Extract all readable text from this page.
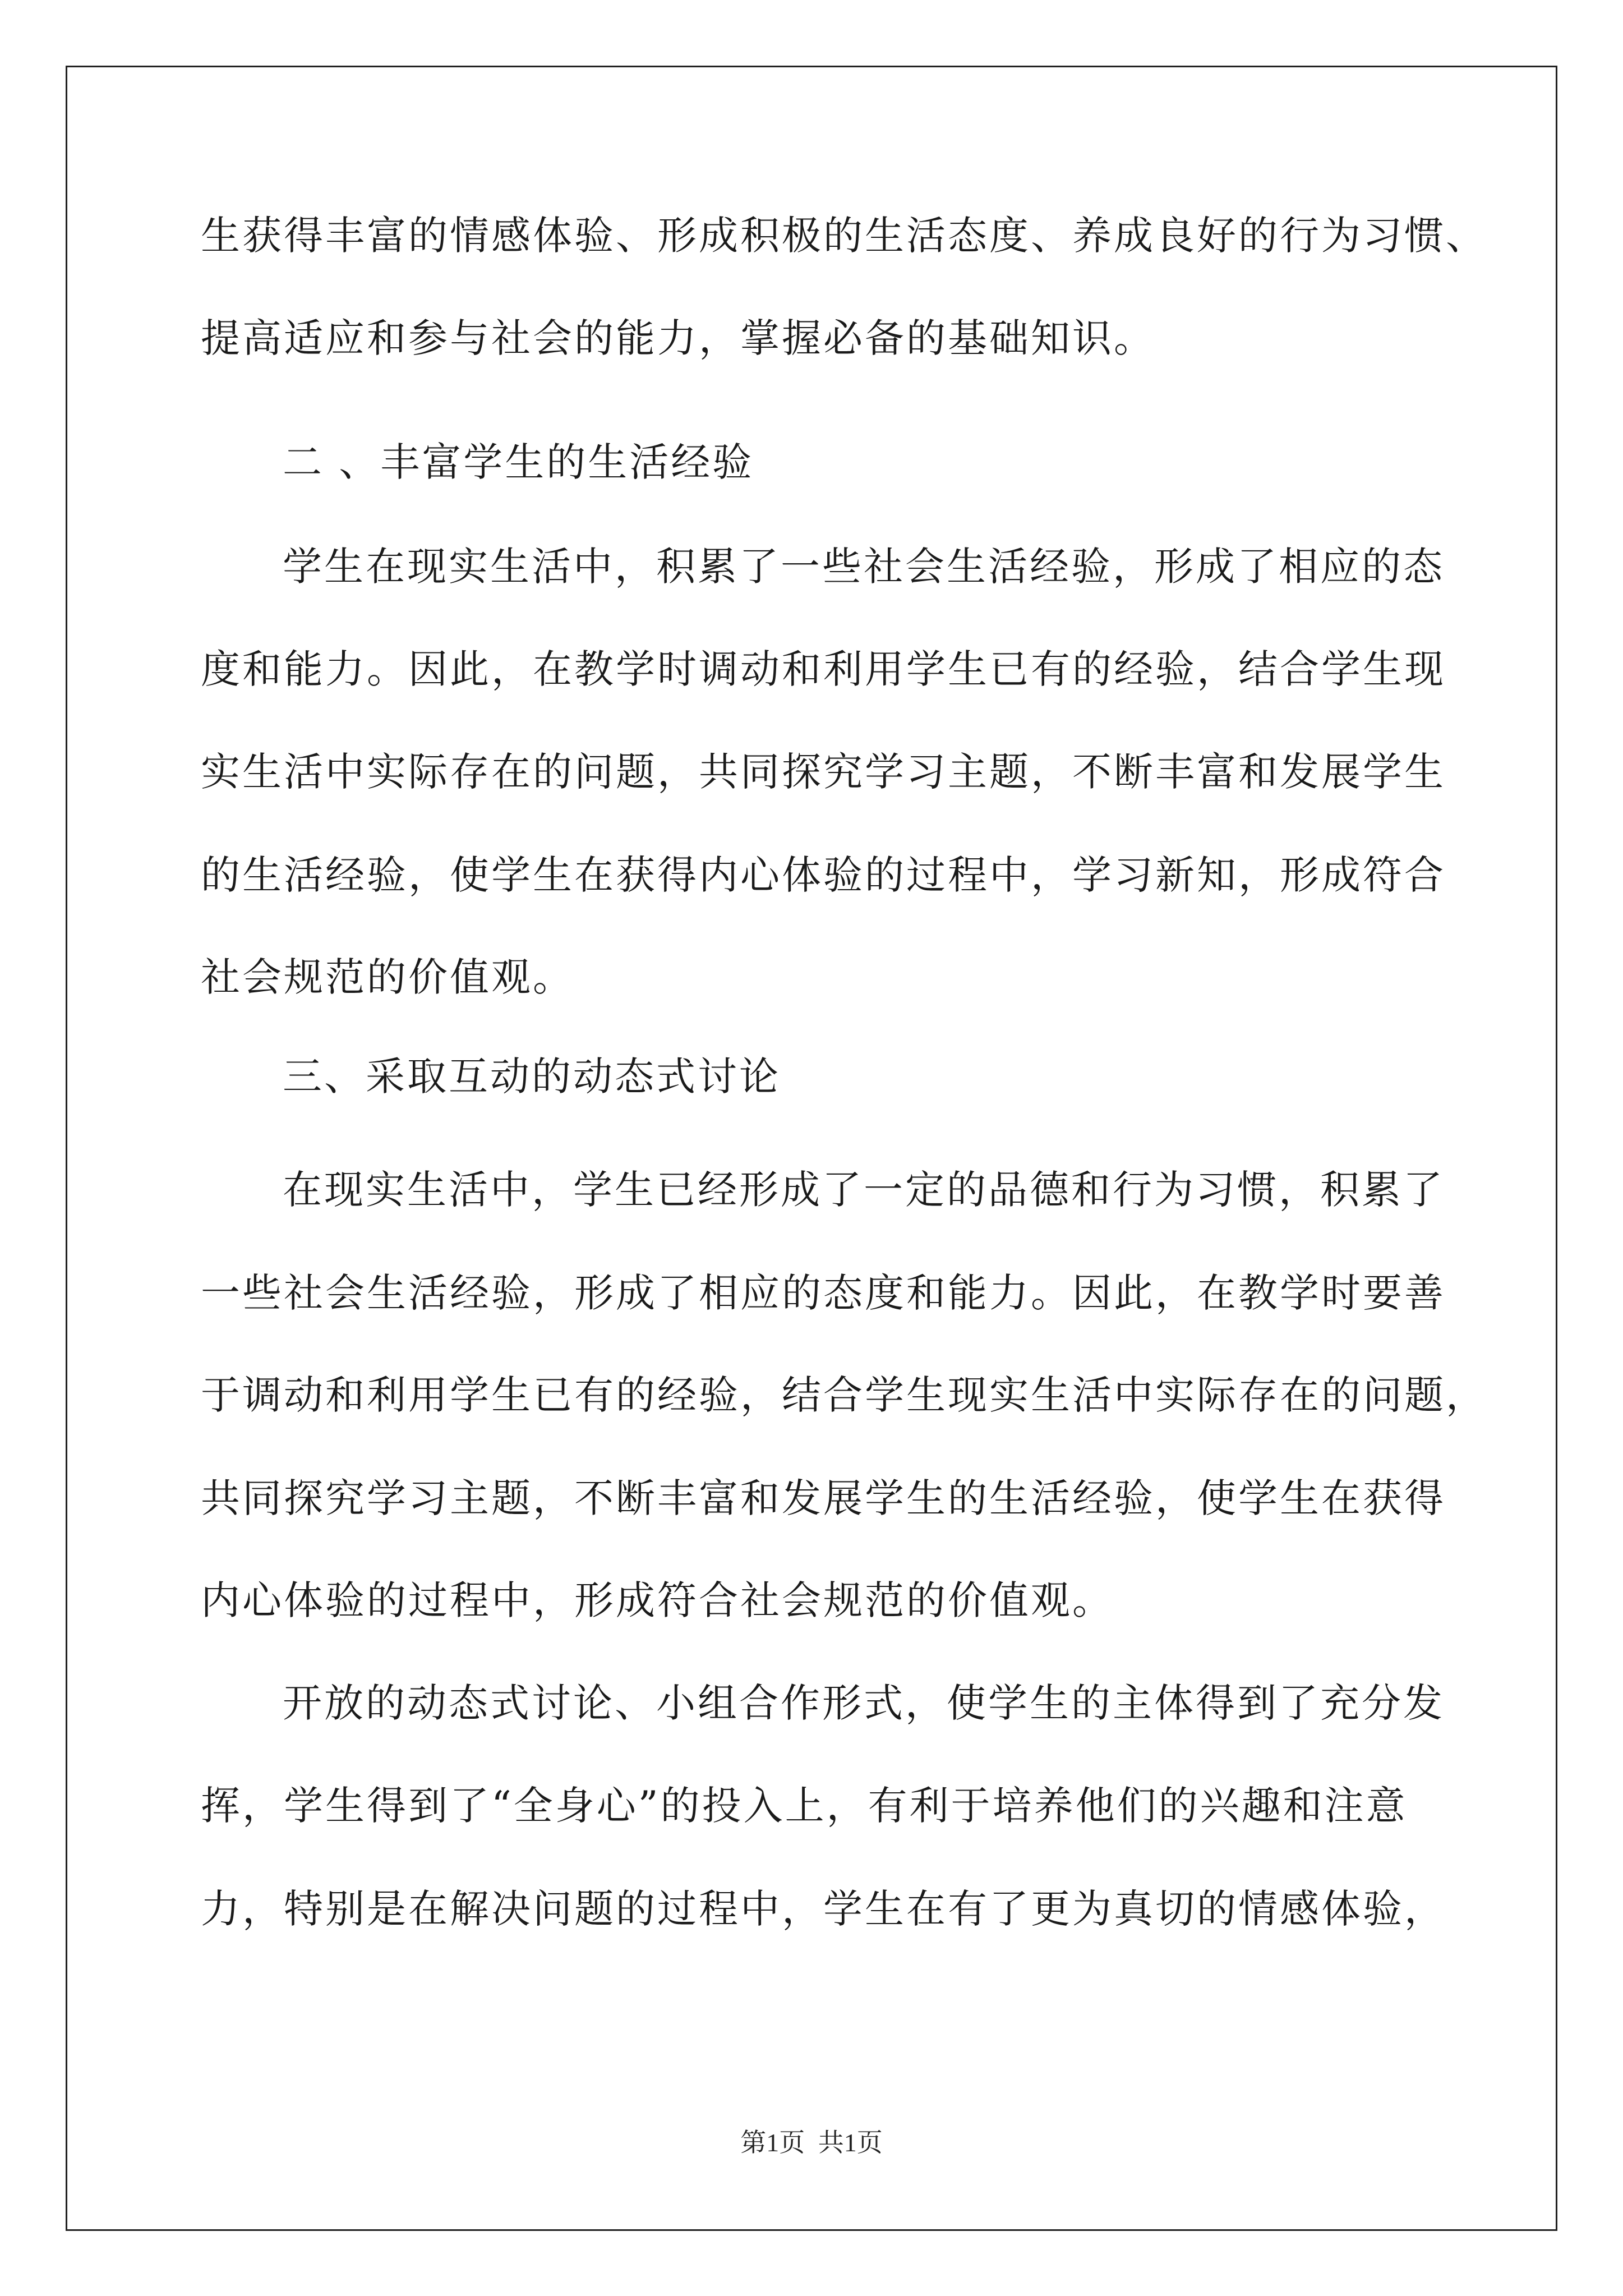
生获得丰富的情感体验、形成积极的生活态度、养成良好的行为习惯、
提高适应和参与社会的能力，掌握必备的基础知识。
二 、丰富学生的生活经验
学生在现实生活中，积累了一些社会生活经验，形成了相应的态
度和能力。因此，在教学时调动和利用学生已有的经验，结合学生现
实生活中实际存在的问题，共同探究学习主题，不断丰富和发展学生
的生活经验，使学生在获得内心体验的过程中，学习新知，形成符合
社会规范的价值观。
三、采取互动的动态式讨论
在现实生活中，学生已经形成了一定的品德和行为习惯，积累了
一些社会生活经验，形成了相应的态度和能力。因此，在教学时要善
于调动和利用学生已有的经验，结合学生现实生活中实际存在的问题，
共同探究学习主题，不断丰富和发展学生的生活经验，使学生在获得
内心体验的过程中，形成符合社会规范的价值观。
开放的动态式讨论、小组合作形式，使学生的主体得到了充分发
挥，学生得到了“全身心”的投入上，有利于培养他们的兴趣和注意
力，特别是在解决问题的过程中，学生在有了更为真切的情感体验，
第1页 共1页
